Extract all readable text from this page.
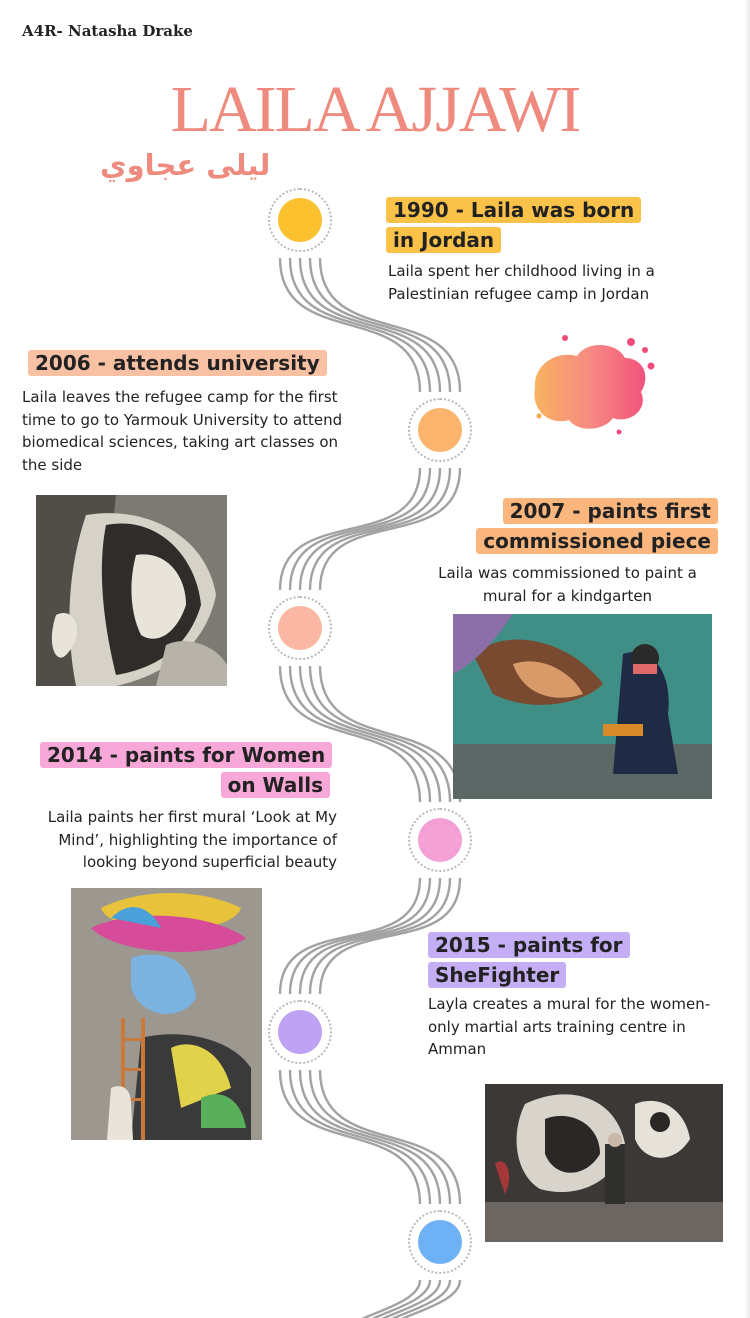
A4R- Natasha Drake
LAILA AJJAWI
ليلى عجاوي
1990 - Laila was born in Jordan
Laila spent her childhood living in a Palestinian refugee camp in Jordan
2006 - attends university
Laila leaves the refugee camp for the first time to go to Yarmouk University to attend biomedical sciences, taking art classes on the side
2007 - paints first commissioned piece
Laila was commissioned to paint a mural for a kindgarten
2014 - paints for Women on Walls
Laila paints her first mural ‘Look at My Mind’, highlighting the importance of looking beyond superficial beauty
2015 - paints for SheFighter
Layla creates a mural for the women-only martial arts training centre in Amman
